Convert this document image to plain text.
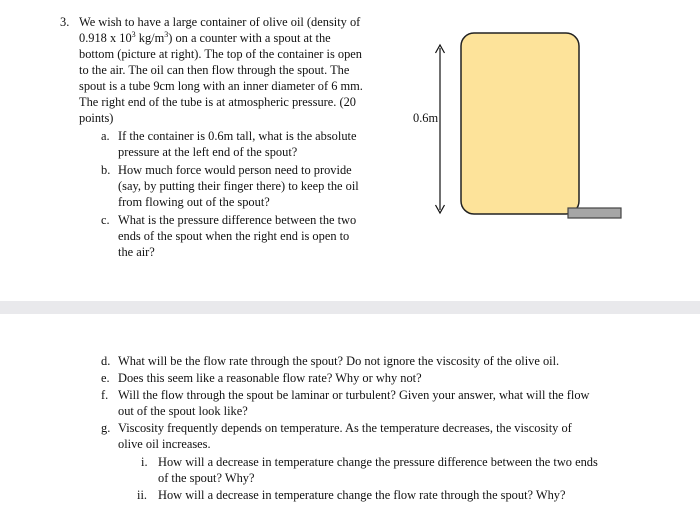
3. We wish to have a large container of olive oil (density of
0.918 x $10^3$ $kg/m^3$) on a counter with a spout at the
bottom (picture at right). The top of the container is open
to the air. The oil can then flow through the spout. The
spout is a tube 9cm long with an inner diameter of 6 mm.
The right end of the tube is at atmospheric pressure. (20
points)
a. If the container is 0.6m tall, what is the absolute
pressure at the left end of the spout?
b. How much force would person need to provide
(say, by putting their finger there) to keep the oil
from flowing out of the spout?
c. What is the pressure difference between the two
ends of the spout when the right end is open to
the air?
0.6m
d. What will be the flow rate through the spout? Do not ignore the viscosity of the olive oil.
e. Does this seem like a reasonable flow rate? Why or why not?
f. Will the flow through the spout be laminar or turbulent? Given your answer, what will the flow
out of the spout look like?
g. Viscosity frequently depends on temperature. As the temperature decreases, the viscosity of
olive oil increases.
i. How will a decrease in temperature change the pressure difference between the two ends
of the spout? Why?
ii. How will a decrease in temperature change the flow rate through the spout? Why?
